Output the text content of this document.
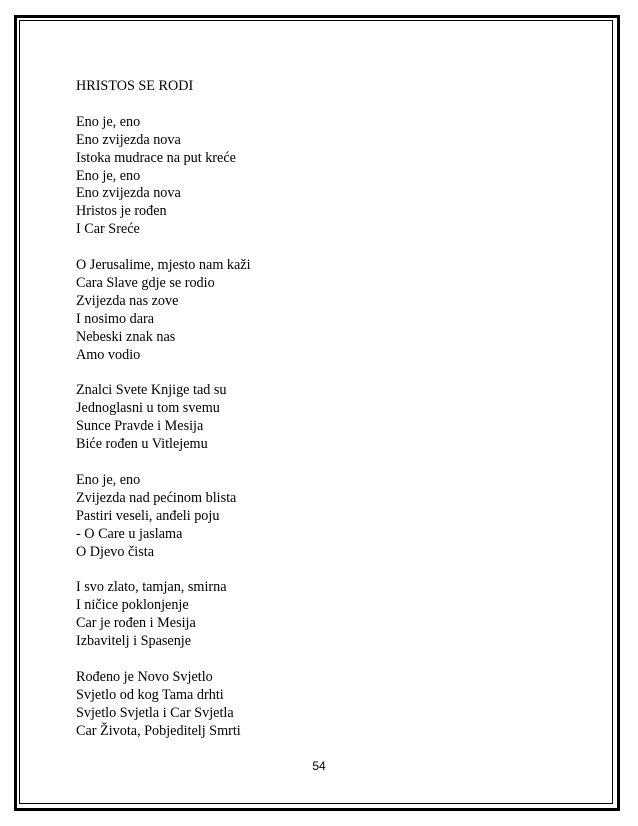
HRISTOS SE RODI
Eno je, eno
Eno zvijezda nova
Istoka mudrace na put kreće
Eno je, eno
Eno zvijezda nova
Hristos je rođen
I Car Sreće
O Jerusalime, mjesto nam kaži
Cara Slave gdje se rodio
Zvijezda nas zove
I nosimo dara
Nebeski znak nas
Amo vodio
Znalci Svete Knjige tad su
Jednoglasni u tom svemu
Sunce Pravde i Mesija
Biće rođen u Vitlejemu
Eno je, eno
Zvijezda nad pećinom blista
Pastiri veseli, anđeli poju
- O Care u jaslama
O Djevo čista
I svo zlato, tamjan, smirna
I ničice poklonjenje
Car je rođen i Mesija
Izbavitelj i Spasenje
Rođeno je Novo Svjetlo
Svjetlo od kog Tama drhti
Svjetlo Svjetla i Car Svjetla
Car Života, Pobjeditelj Smrti
54
